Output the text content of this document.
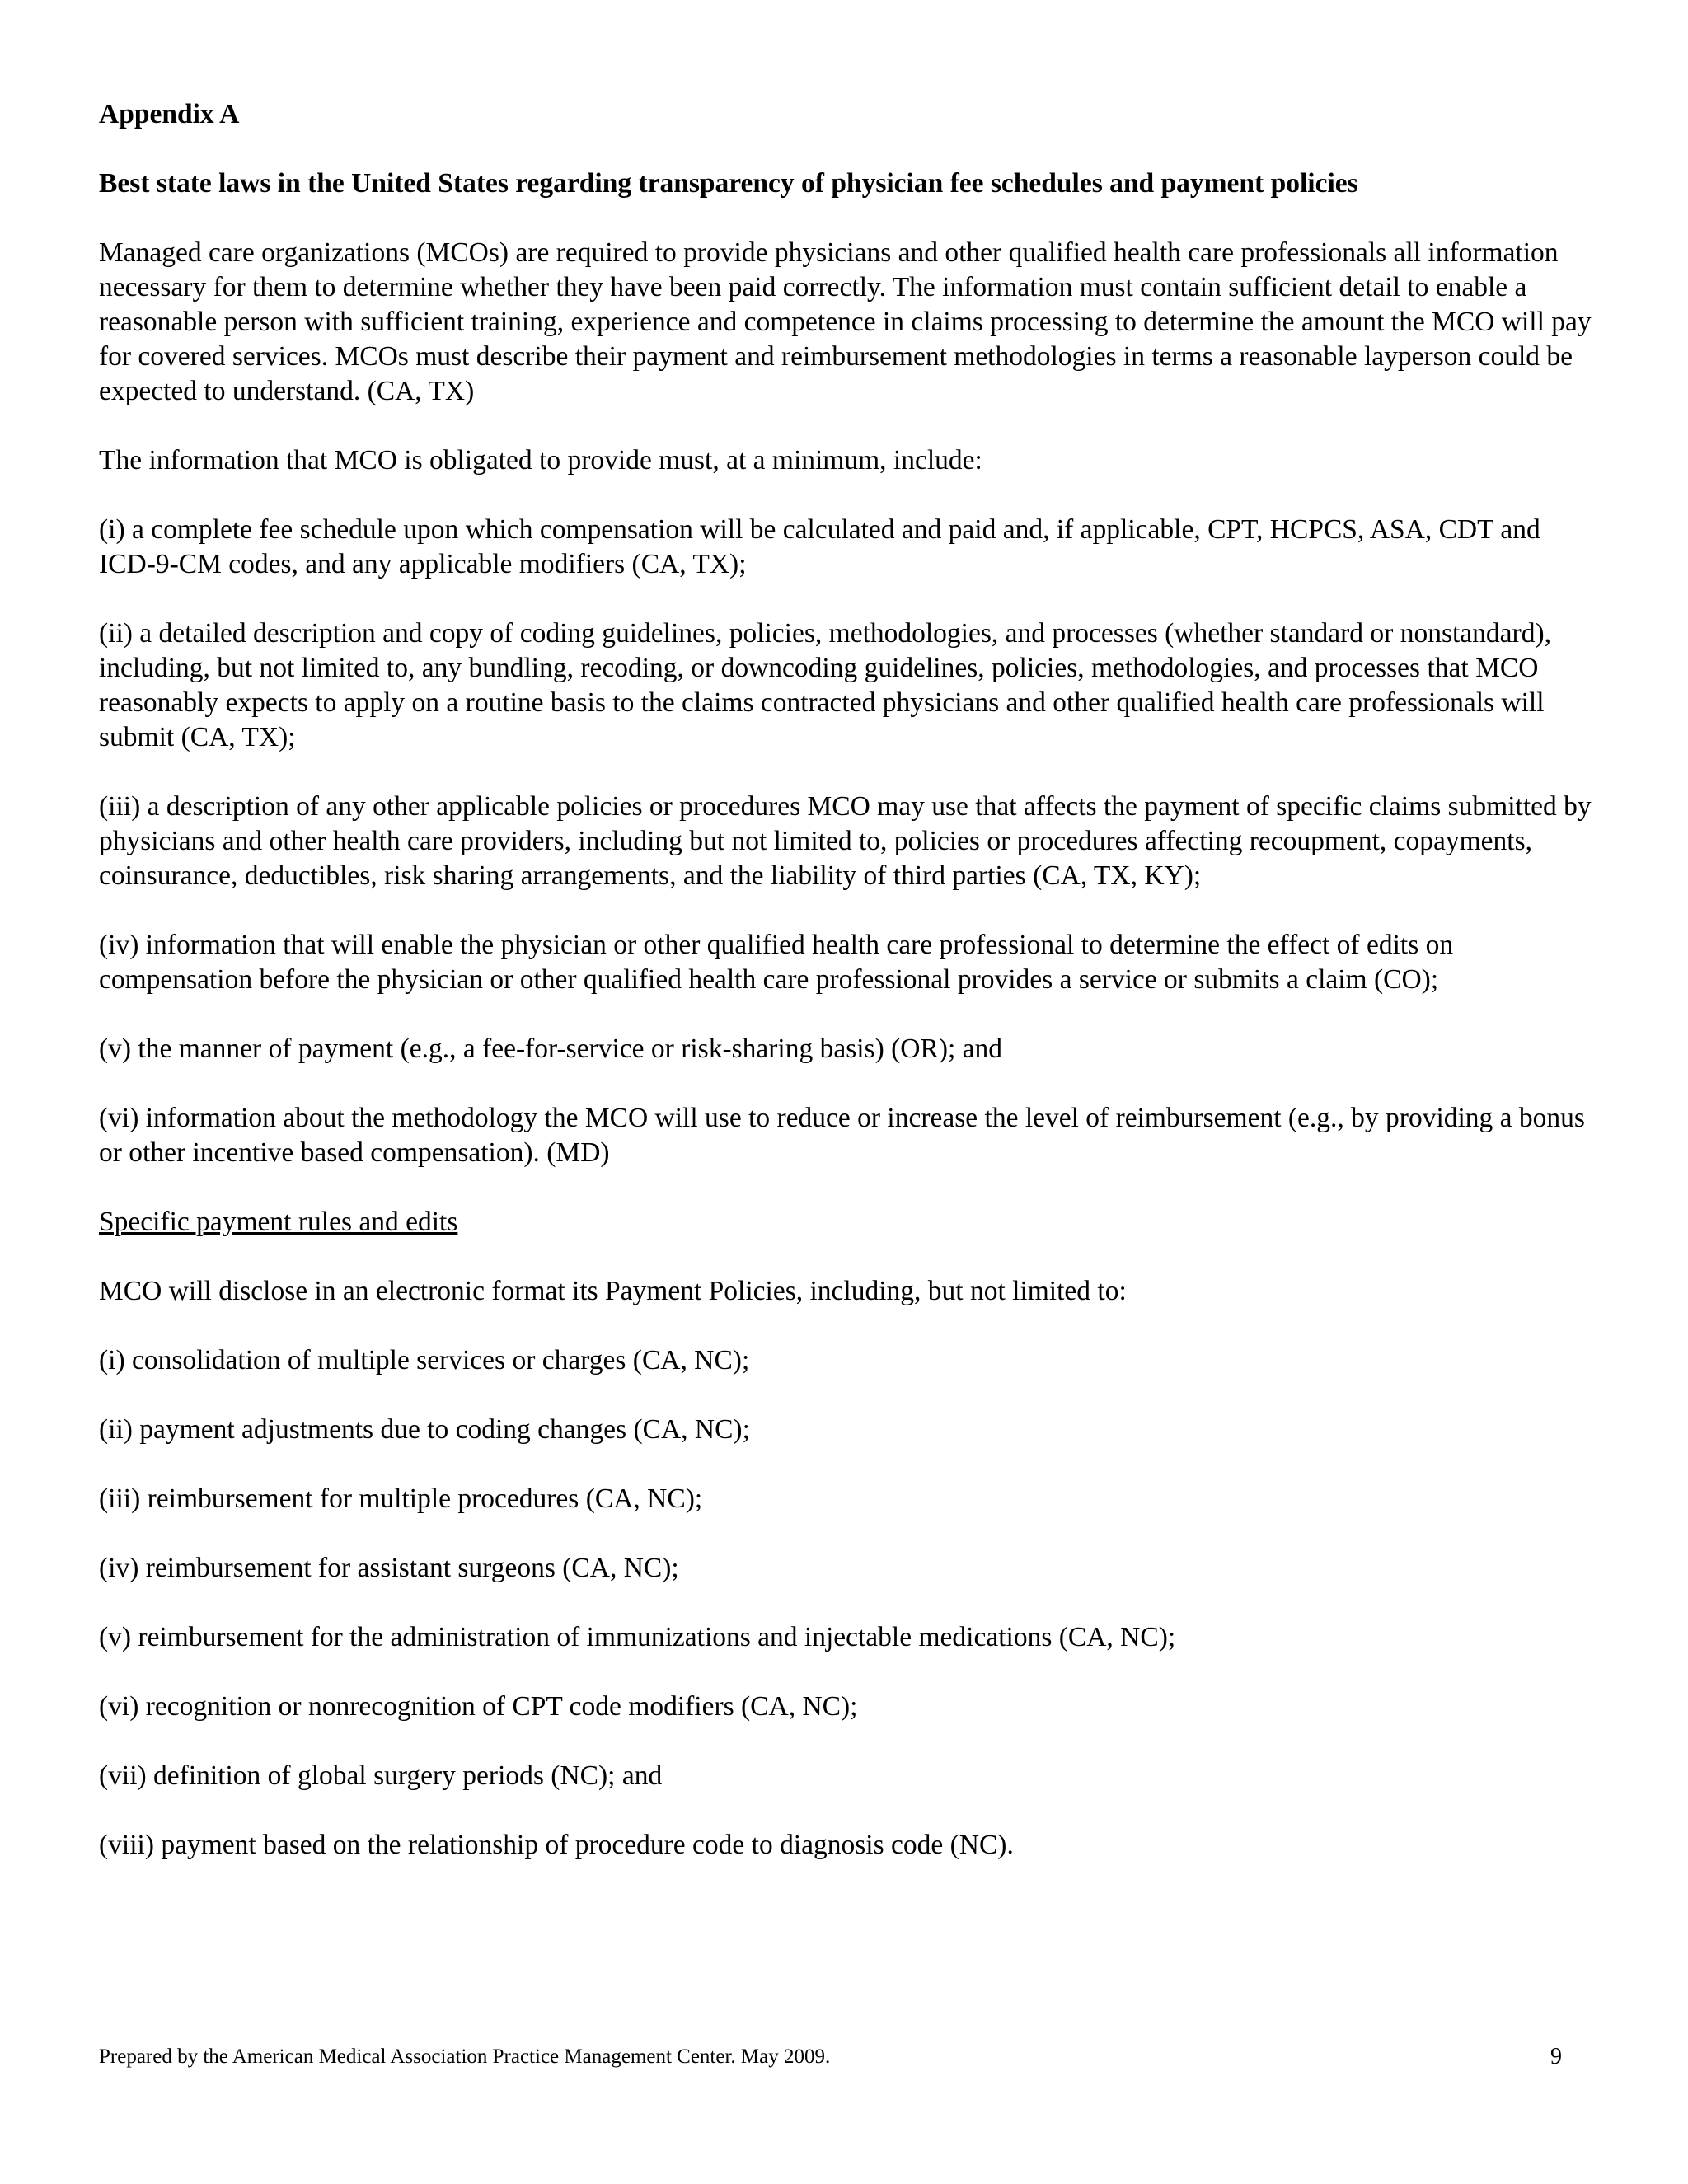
Appendix A
Best state laws in the United States regarding transparency of physician fee schedules and payment policies

Managed care organizations (MCOs) are required to provide physicians and other qualified health care professionals all information necessary for them to determine whether they have been paid correctly. The information must contain sufficient detail to enable a reasonable person with sufficient training, experience and competence in claims processing to determine the amount the MCO will pay for covered services. MCOs must describe their payment and reimbursement methodologies in terms a reasonable layperson could be expected to understand. (CA, TX)

The information that MCO is obligated to provide must, at a minimum, include:

(i) a complete fee schedule upon which compensation will be calculated and paid and, if applicable, CPT, HCPCS, ASA, CDT and ICD-9-CM codes, and any applicable modifiers (CA, TX);
(ii) a detailed description and copy of coding guidelines, policies, methodologies, and processes (whether standard or nonstandard), including, but not limited to, any bundling, recoding, or downcoding guidelines, policies, methodologies, and processes that MCO reasonably expects to apply on a routine basis to the claims contracted physicians and other qualified health care professionals will submit (CA, TX);
(iii) a description of any other applicable policies or procedures MCO may use that affects the payment of specific claims submitted by physicians and other health care providers, including but not limited to, policies or procedures affecting recoupment, copayments, coinsurance, deductibles, risk sharing arrangements, and the liability of third parties (CA, TX, KY);
(iv) information that will enable the physician or other qualified health care professional to determine the effect of edits on compensation before the physician or other qualified health care professional provides a service or submits a claim (CO);
(v) the manner of payment (e.g., a fee-for-service or risk-sharing basis) (OR); and
(vi) information about the methodology the MCO will use to reduce or increase the level of reimbursement (e.g., by providing a bonus or other incentive based compensation). (MD)

Specific payment rules and edits

MCO will disclose in an electronic format its Payment Policies, including, but not limited to:

(i) consolidation of multiple services or charges (CA, NC);
(ii) payment adjustments due to coding changes (CA, NC);
(iii) reimbursement for multiple procedures (CA, NC);
(iv) reimbursement for assistant surgeons (CA, NC);
(v) reimbursement for the administration of immunizations and injectable medications (CA, NC);
(vi) recognition or nonrecognition of CPT code modifiers (CA, NC);
(vii) definition of global surgery periods (NC); and
(viii) payment based on the relationship of procedure code to diagnosis code (NC).
Prepared by the American Medical Association Practice Management Center. May 2009.	9
